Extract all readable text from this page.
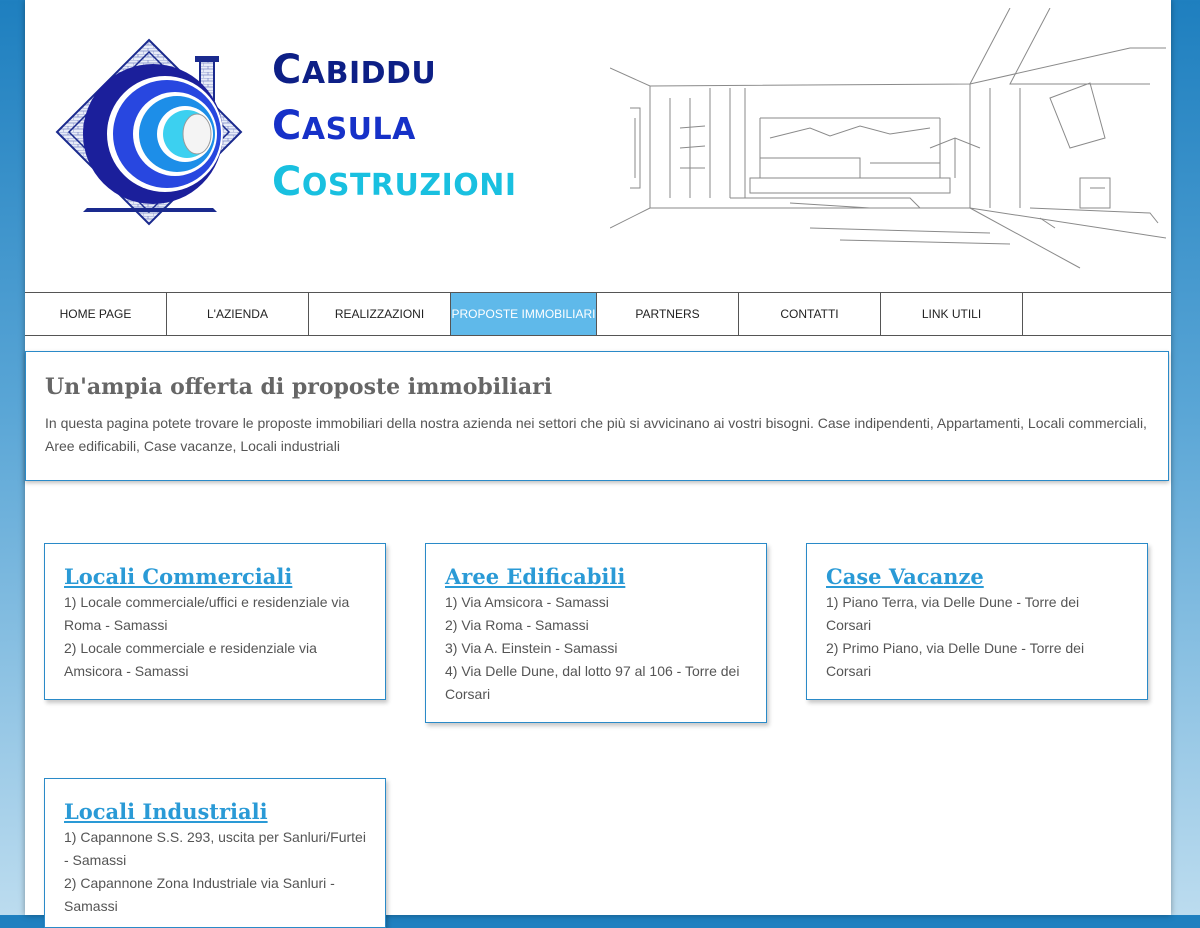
CABIDDU
CASULA
COSTRUZIONI
HOME PAGE	L'AZIENDA	REALIZZAZIONI	PROPOSTE IMMOBILIARI	PARTNERS	CONTATTI	LINK UTILI
Un'ampia offerta di proposte immobiliari

In questa pagina potete trovare le proposte immobiliari della nostra azienda nei settori che più si avvicinano ai vostri bisogni. Case indipendenti, Appartamenti, Locali commerciali, Aree edificabili, Case vacanze, Locali industriali

Locali Commerciali
1) Locale commerciale/uffici e residenziale via Roma - Samassi
2) Locale commerciale e residenziale via Amsicora - Samassi
Aree Edificabili
1) Via Amsicora - Samassi
2) Via Roma - Samassi
3) Via A. Einstein - Samassi
4) Via Delle Dune, dal lotto 97 al 106 - Torre dei Corsari
Case Vacanze
1) Piano Terra, via Delle Dune - Torre dei Corsari
2) Primo Piano, via Delle Dune - Torre dei Corsari
Locali Industriali
1) Capannone S.S. 293, uscita per Sanluri/Furtei - Samassi
2) Capannone Zona Industriale via Sanluri - Samassi
